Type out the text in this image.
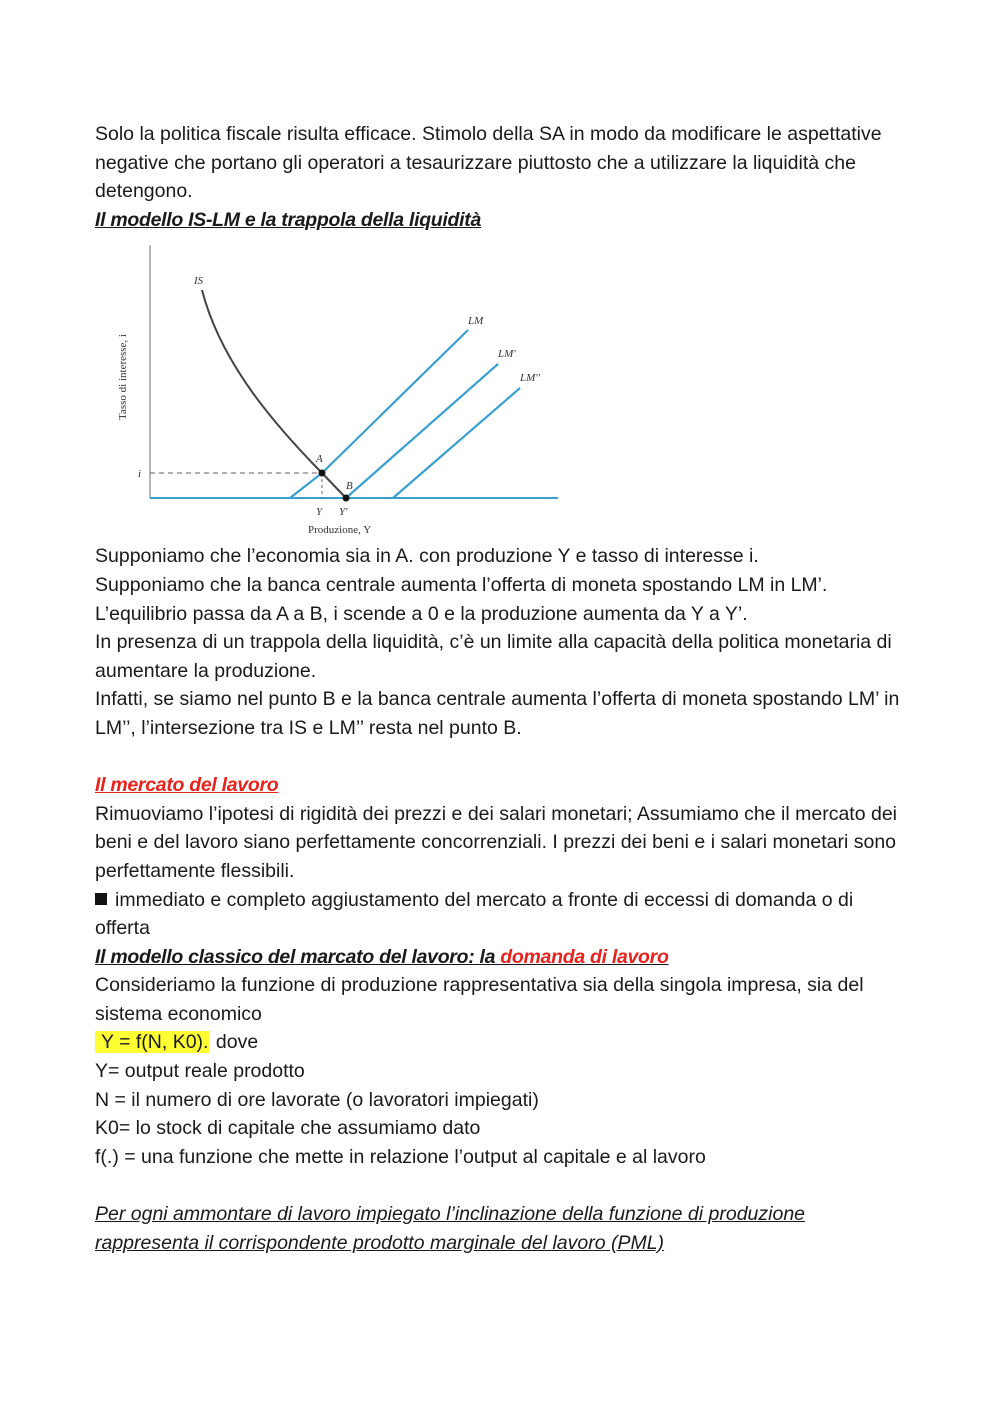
Solo la politica fiscale risulta efficace. Stimolo della SA in modo da modificare le aspettative negative che portano gli operatori a tesaurizzare piuttosto che a utilizzare la liquidità che detengono.

Il modello IS-LM e la trappola della liquidità

IS
LM
LM'
LM''
A
B
i
Y Y'
Produzione, Y
Tasso di interesse, i

Supponiamo che l’economia sia in A. con produzione Y e tasso di interesse i.

Supponiamo che la banca centrale aumenta l’offerta di moneta spostando LM in LM’.

L’equilibrio passa da A a B, i scende a 0 e la produzione aumenta da Y a Y’.

In presenza di un trappola della liquidità, c’è un limite alla capacità della politica monetaria di aumentare la produzione.

Infatti, se siamo nel punto B e la banca centrale aumenta l’offerta di moneta spostando LM’ in LM’’, l’intersezione tra IS e LM’’ resta nel punto B.

Il mercato del lavoro

Rimuoviamo l’ipotesi di rigidità dei prezzi e dei salari monetari; Assumiamo che il mercato dei beni e del lavoro siano perfettamente concorrenziali. I prezzi dei beni e i salari monetari sono perfettamente flessibili.

immediato e completo aggiustamento del mercato a fronte di eccessi di domanda o di offerta

Il modello classico del marcato del lavoro: la domanda di lavoro

Consideriamo la funzione di produzione rappresentativa sia della singola impresa, sia del sistema economico

Y = f(N, K0). dove

Y= output reale prodotto

N = il numero di ore lavorate (o lavoratori impiegati)

K0= lo stock di capitale che assumiamo dato

f(.) = una funzione che mette in relazione l’output al capitale e al lavoro

Per ogni ammontare di lavoro impiegato l’inclinazione della funzione di produzione rappresenta il corrispondente prodotto marginale del lavoro (PML)
